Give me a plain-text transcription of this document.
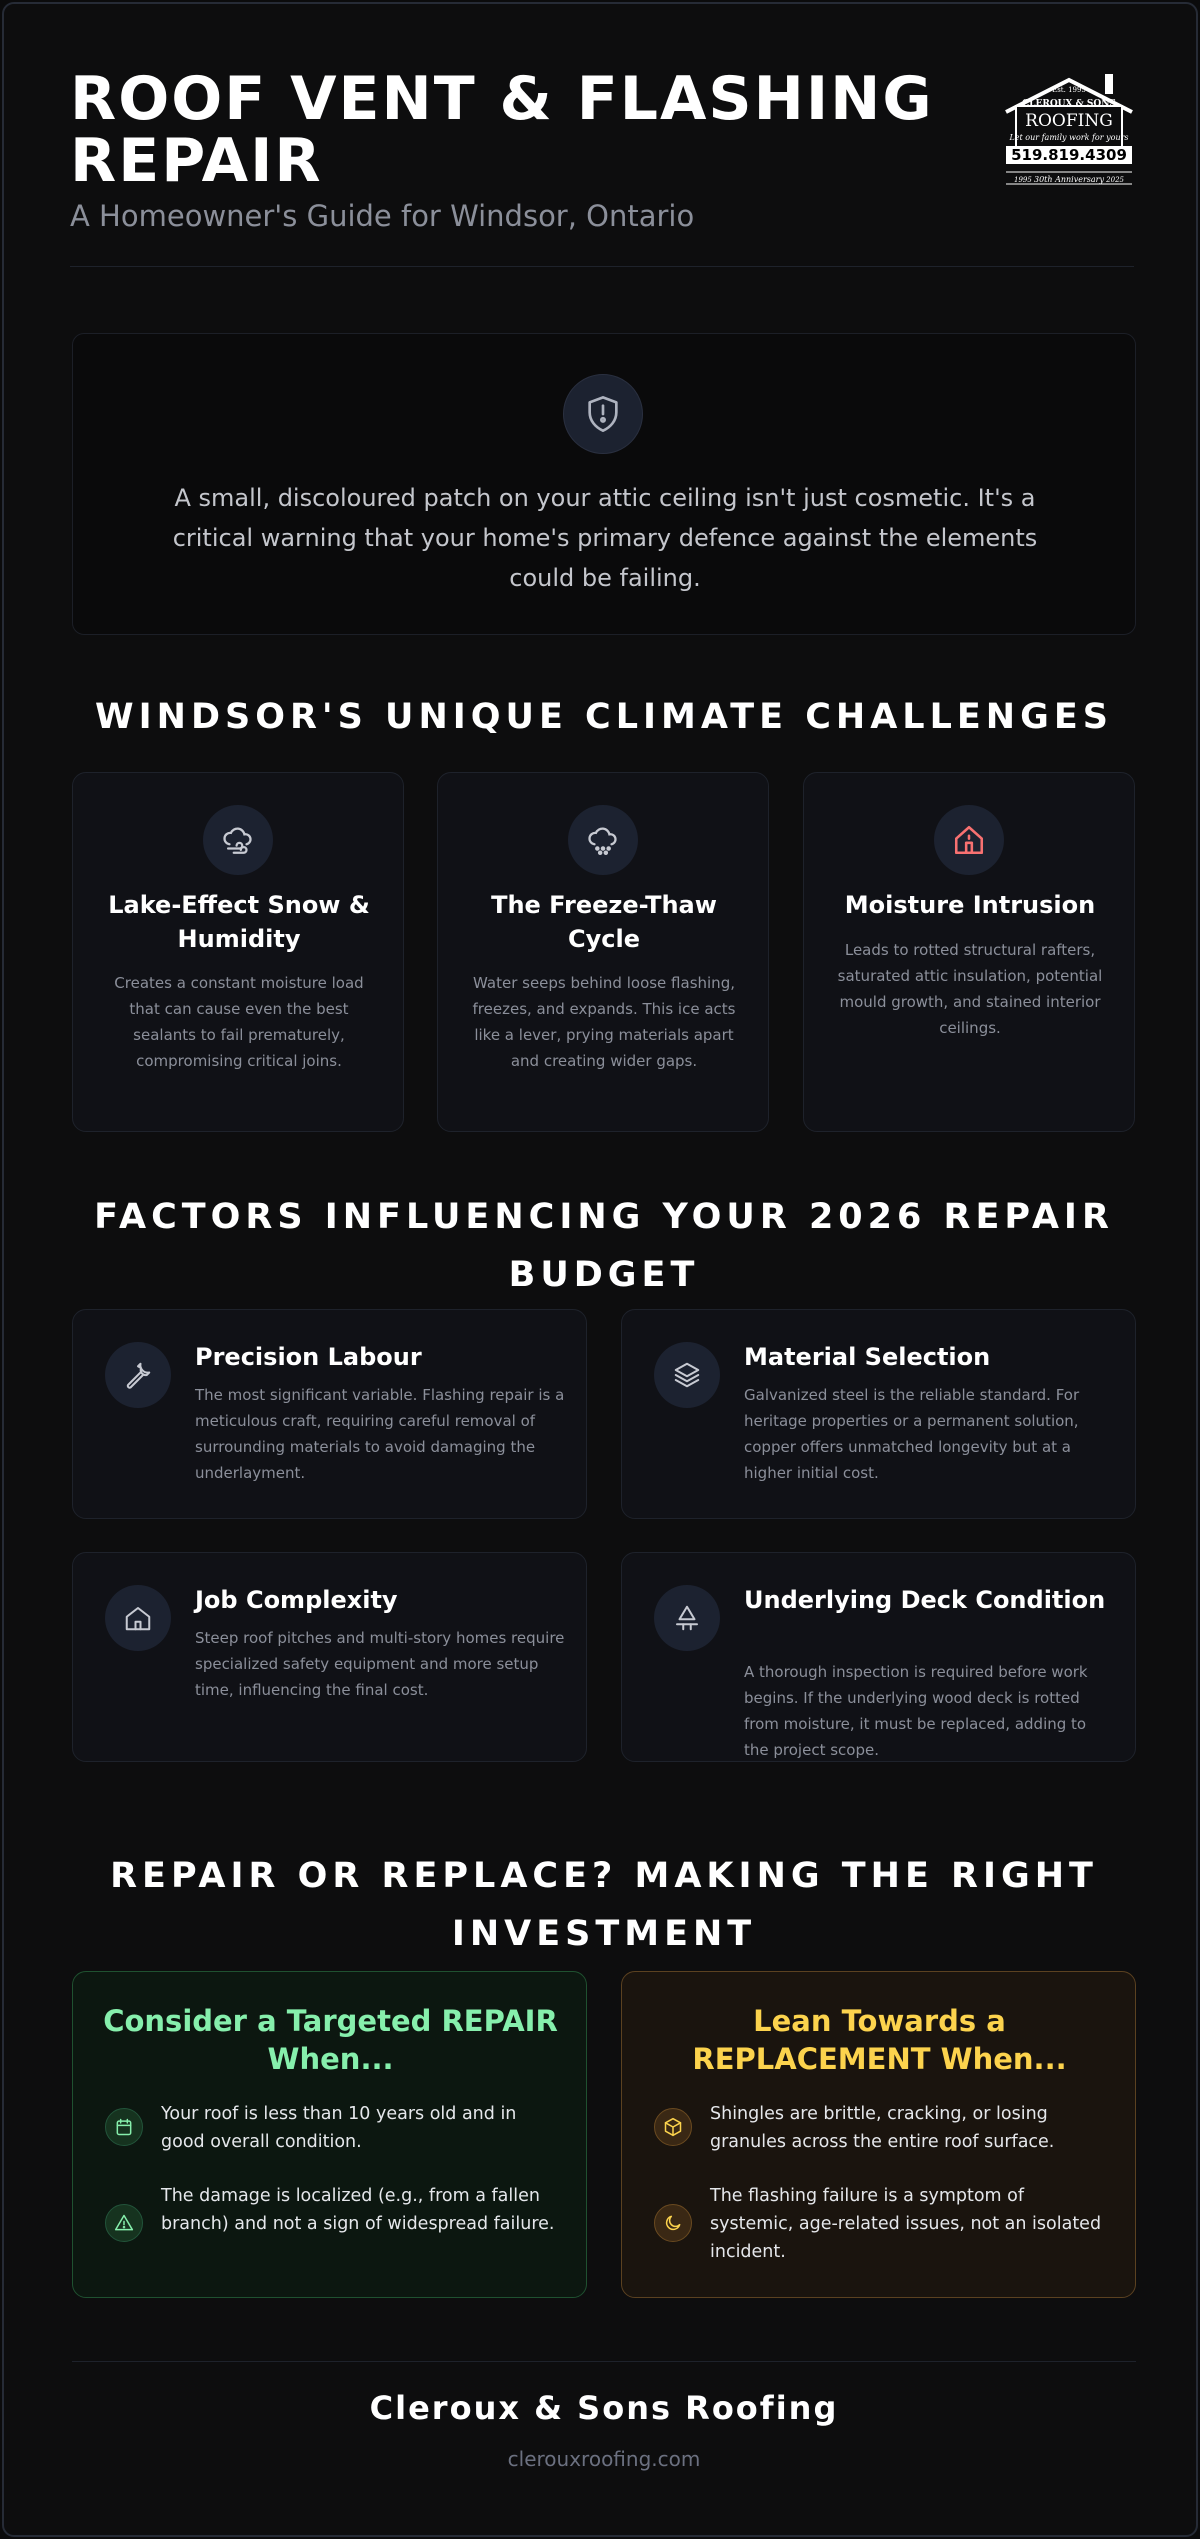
ROOF VENT & FLASHING REPAIR
A Homeowner's Guide for Windsor, Ontario
Est. 1995
CLEROUX & SONS
ROOFING
Let our family work for yours
519.819.4309
1995 30th Anniversary 2025
A small, discoloured patch on your attic ceiling isn't just cosmetic. It's a critical warning that your home's primary defence against the elements could be failing.
WINDSOR'S UNIQUE CLIMATE CHALLENGES
Lake-Effect Snow & Humidity
Creates a constant moisture load that can cause even the best sealants to fail prematurely, compromising critical joins.
The Freeze-Thaw Cycle
Water seeps behind loose flashing, freezes, and expands. This ice acts like a lever, prying materials apart and creating wider gaps.
Moisture Intrusion
Leads to rotted structural rafters, saturated attic insulation, potential mould growth, and stained interior ceilings.
FACTORS INFLUENCING YOUR 2026 REPAIR BUDGET
Precision Labour
The most significant variable. Flashing repair is a meticulous craft, requiring careful removal of surrounding materials to avoid damaging the underlayment.
Material Selection
Galvanized steel is the reliable standard. For heritage properties or a permanent solution, copper offers unmatched longevity but at a higher initial cost.
Job Complexity
Steep roof pitches and multi-story homes require specialized safety equipment and more setup time, influencing the final cost.
Underlying Deck Condition
A thorough inspection is required before work begins. If the underlying wood deck is rotted from moisture, it must be replaced, adding to the project scope.
REPAIR OR REPLACE? MAKING THE RIGHT INVESTMENT
Consider a Targeted REPAIR When...
Your roof is less than 10 years old and in good overall condition.
The damage is localized (e.g., from a fallen branch) and not a sign of widespread failure.
Lean Towards a REPLACEMENT When...
Shingles are brittle, cracking, or losing granules across the entire roof surface.
The flashing failure is a symptom of systemic, age-related issues, not an isolated incident.
Cleroux & Sons Roofing
clerouxroofing.com
